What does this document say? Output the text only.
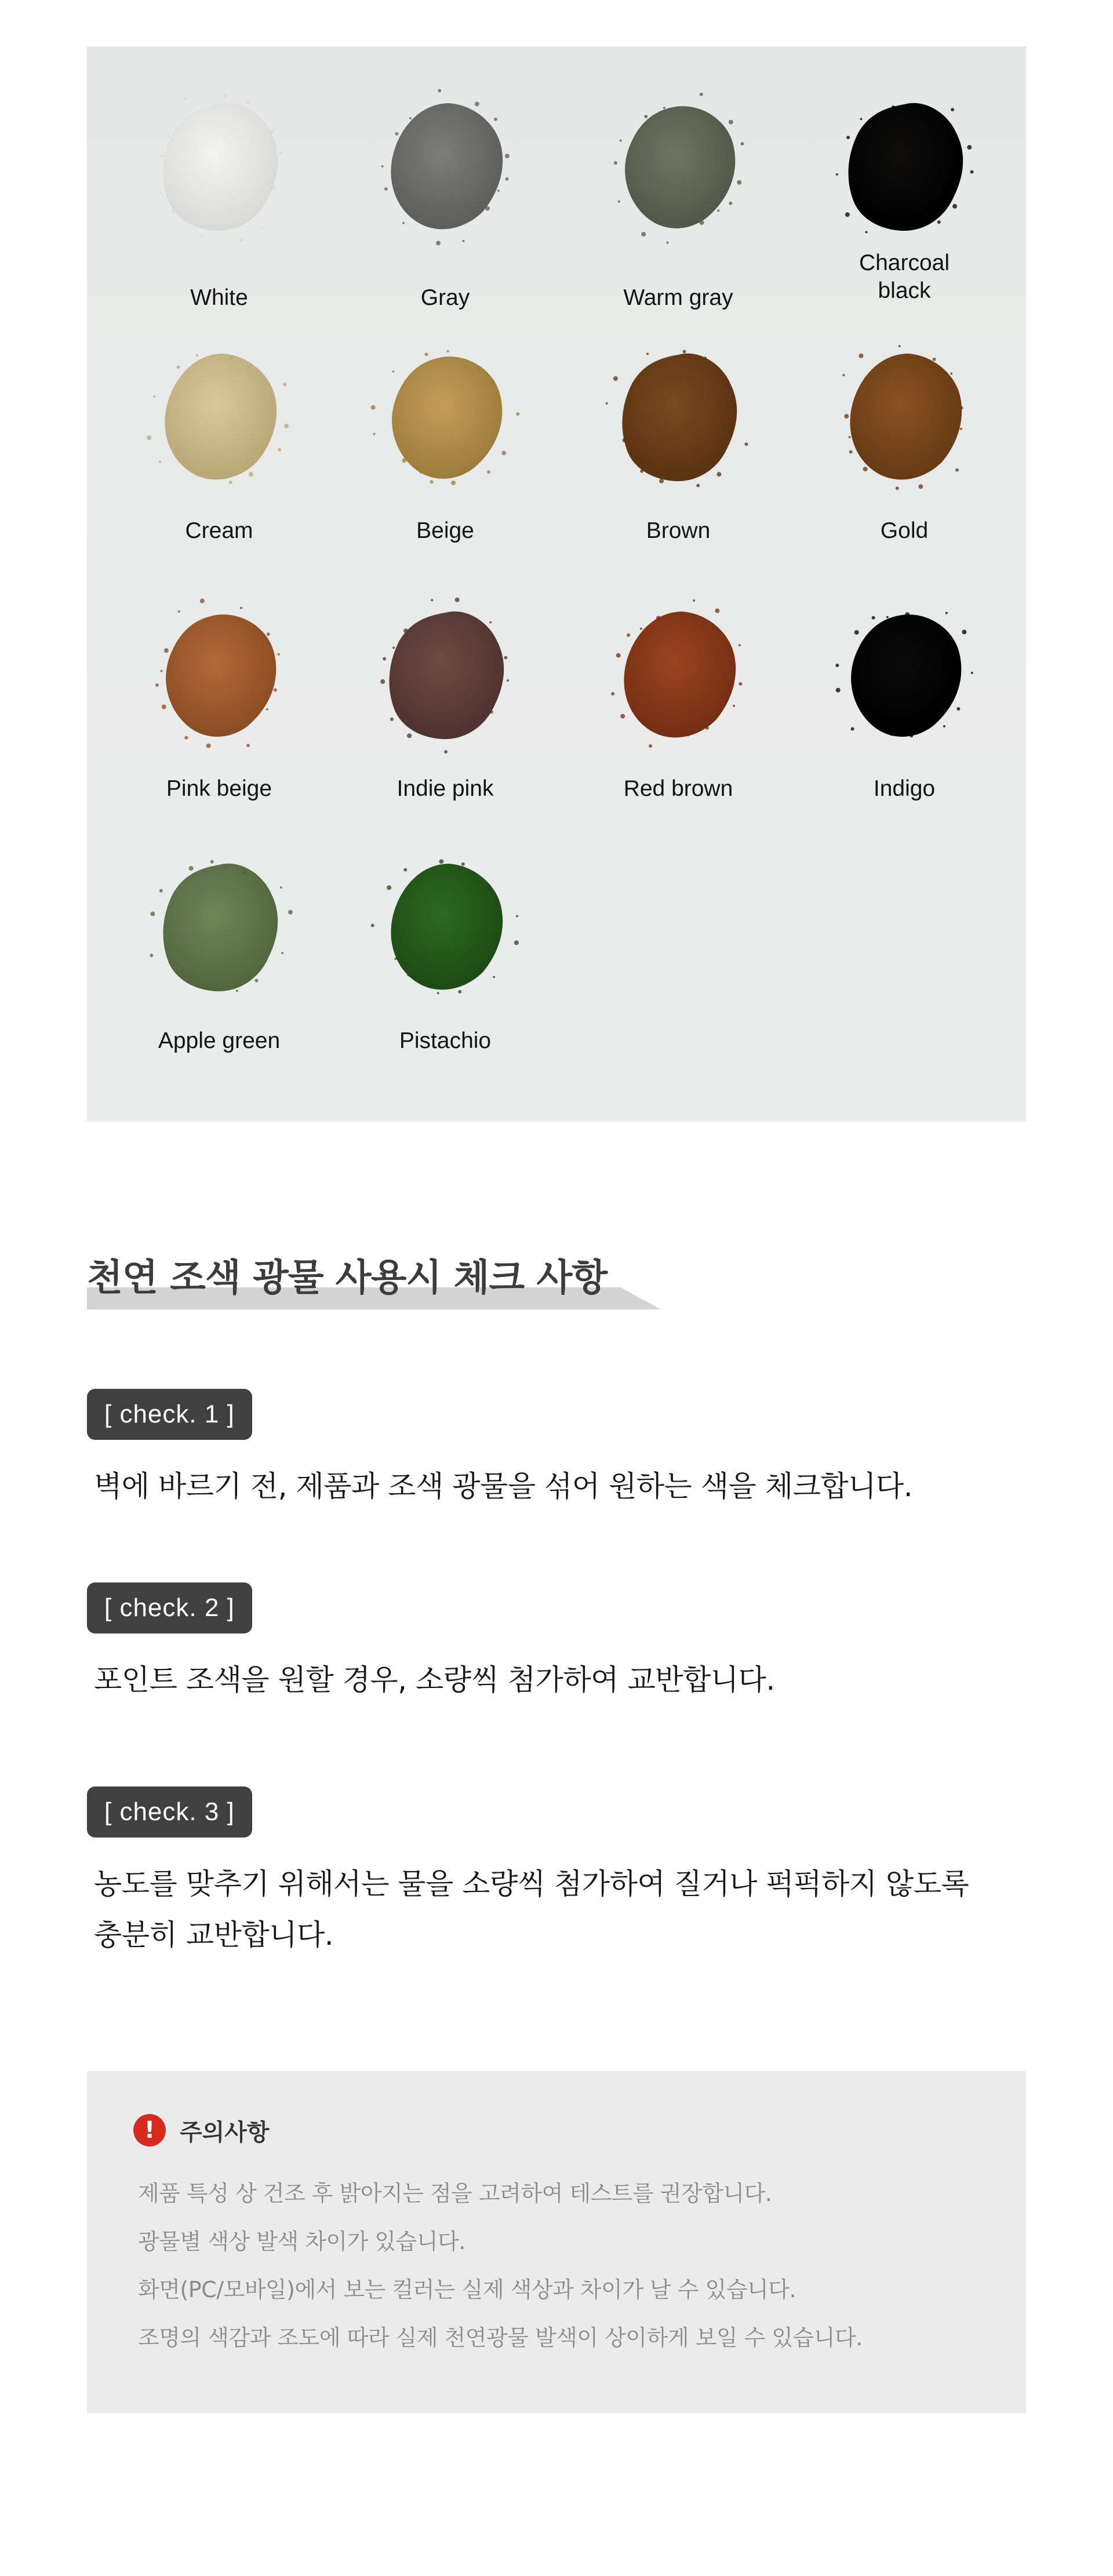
White	Gray	Warm gray
Charcoal
black
Cream	Beige	Brown	Gold
Pink beige	Indie pink	Red brown	Indigo
Apple green	Pistachio
천연 조색 광물 사용시 체크 사항
[ check. 1 ]
벽에 바르기 전, 제품과 조색 광물을 섞어 원하는 색을 체크합니다.
[ check. 2 ]
포인트 조색을 원할 경우, 소량씩 첨가하여 교반합니다.
[ check. 3 ]
농도를 맞추기 위해서는 물을 소량씩 첨가하여 질거나 퍽퍽하지 않도록
충분히 교반합니다.
!	주의사항
제품 특성 상 건조 후 밝아지는 점을 고려하여 테스트를 권장합니다.
광물별 색상 발색 차이가 있습니다.
화면(PC/모바일)에서 보는 컬러는 실제 색상과 차이가 날 수 있습니다.
조명의 색감과 조도에 따라 실제 천연광물 발색이 상이하게 보일 수 있습니다.
